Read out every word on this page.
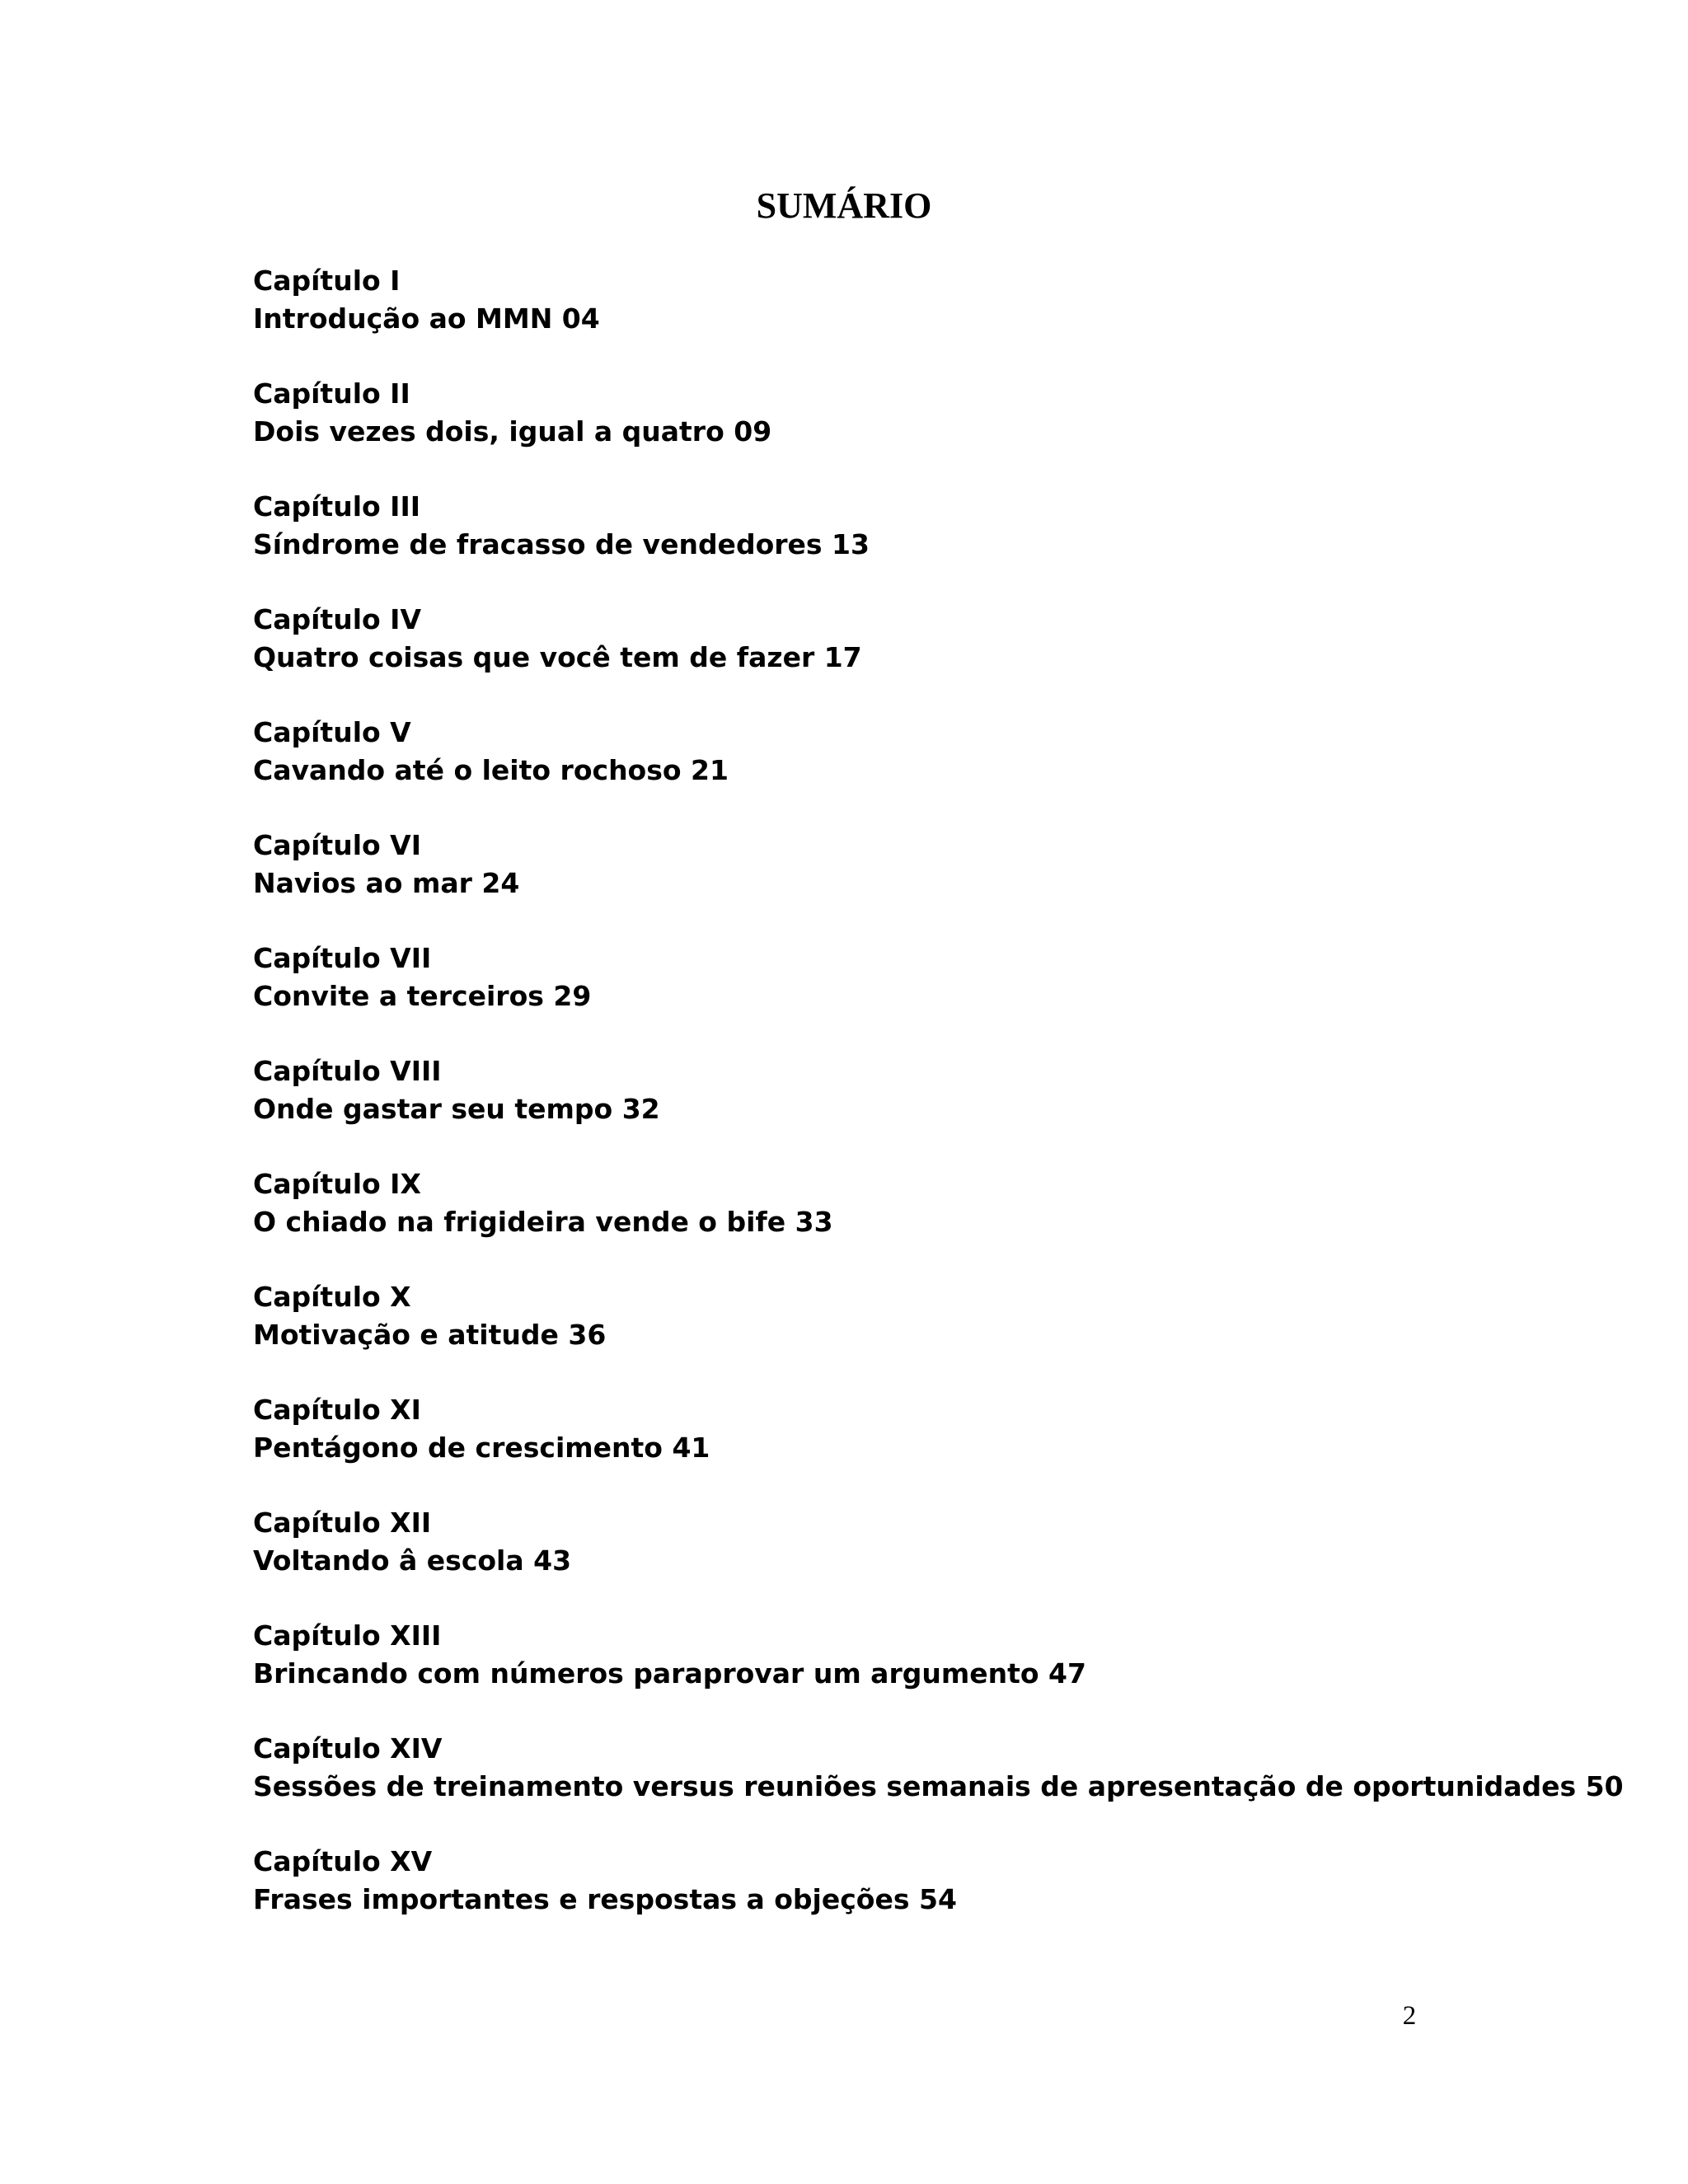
SUMÁRIO
Capítulo I
Introdução ao MMN 04
Capítulo II
Dois vezes dois, igual a quatro 09
Capítulo III
Síndrome de fracasso de vendedores 13
Capítulo IV
Quatro coisas que você tem de fazer 17
Capítulo V
Cavando até o leito rochoso 21
Capítulo VI
Navios ao mar 24
Capítulo VII
Convite a terceiros 29
Capítulo VIII
Onde gastar seu tempo 32
Capítulo IX
O chiado na frigideira vende o bife 33
Capítulo X
Motivação e atitude 36
Capítulo XI
Pentágono de crescimento 41
Capítulo XII
Voltando â escola 43
Capítulo XIII
Brincando com números paraprovar um argumento 47
Capítulo XIV
Sessões de treinamento versus reuniões semanais de apresentação de oportunidades 50
Capítulo XV
Frases importantes e respostas a objeções 54
2
